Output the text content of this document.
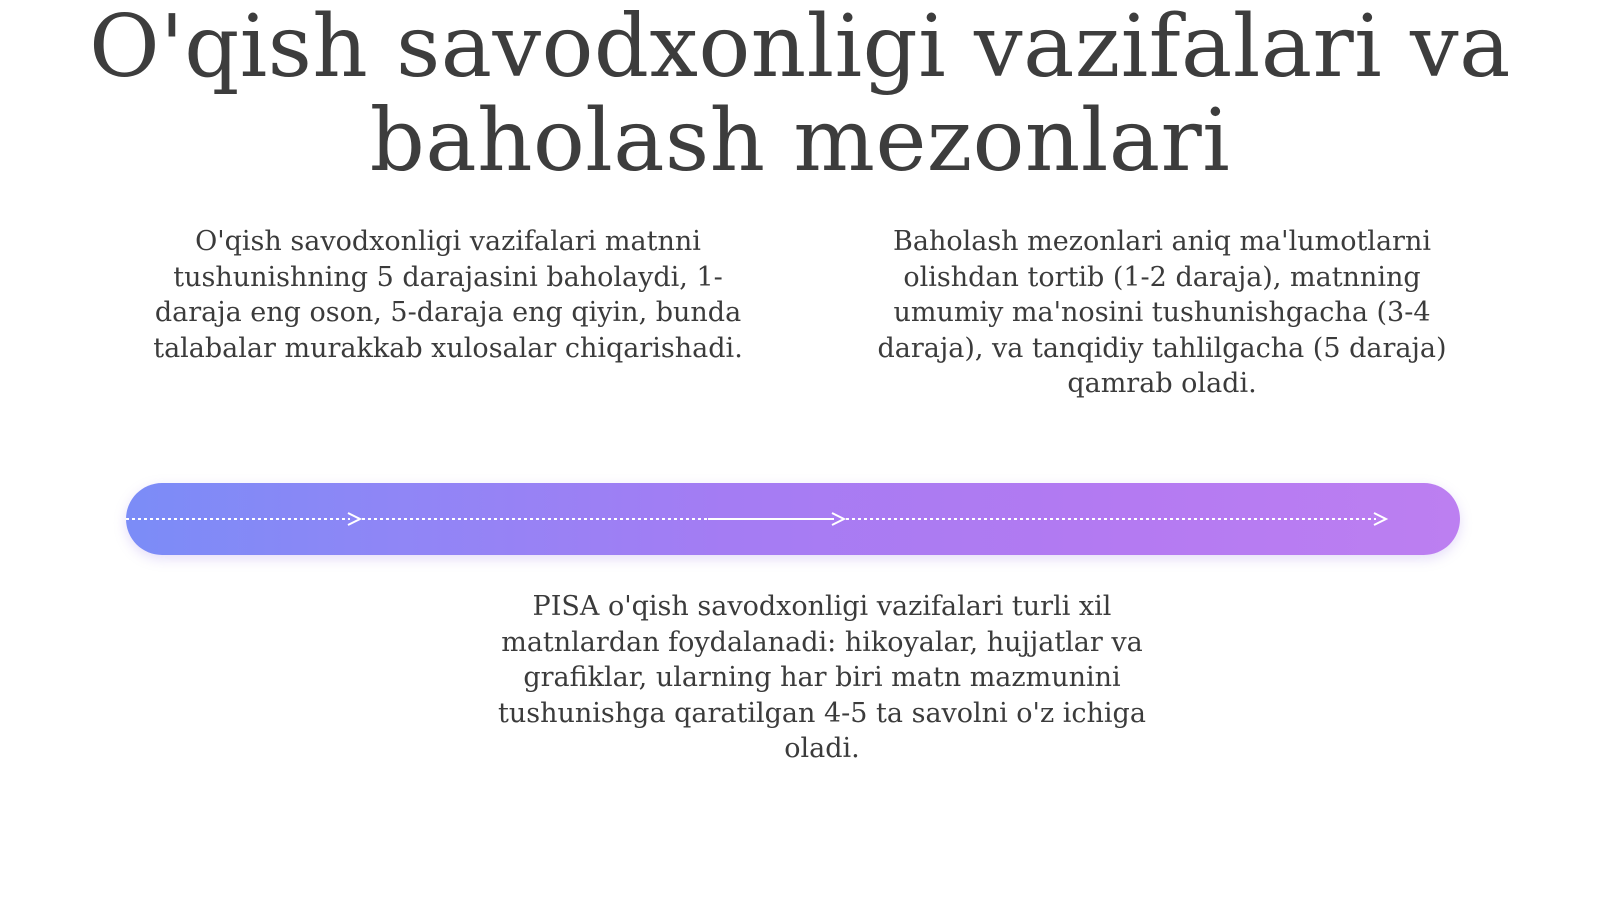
O'qish savodxonligi vazifalari va baholash mezonlari

O'qish savodxonligi vazifalari matnni tushunishning 5 darajasini baholaydi, 1-daraja eng oson, 5-daraja eng qiyin, bunda talabalar murakkab xulosalar chiqarishadi.

Baholash mezonlari aniq ma'lumotlarni olishdan tortib (1-2 daraja), matnning umumiy ma'nosini tushunishgacha (3-4 daraja), va tanqidiy tahlilgacha (5 daraja) qamrab oladi.

PISA o'qish savodxonligi vazifalari turli xil matnlardan foydalanadi: hikoyalar, hujjatlar va grafiklar, ularning har biri matn mazmunini tushunishga qaratilgan 4-5 ta savolni o'z ichiga oladi.
